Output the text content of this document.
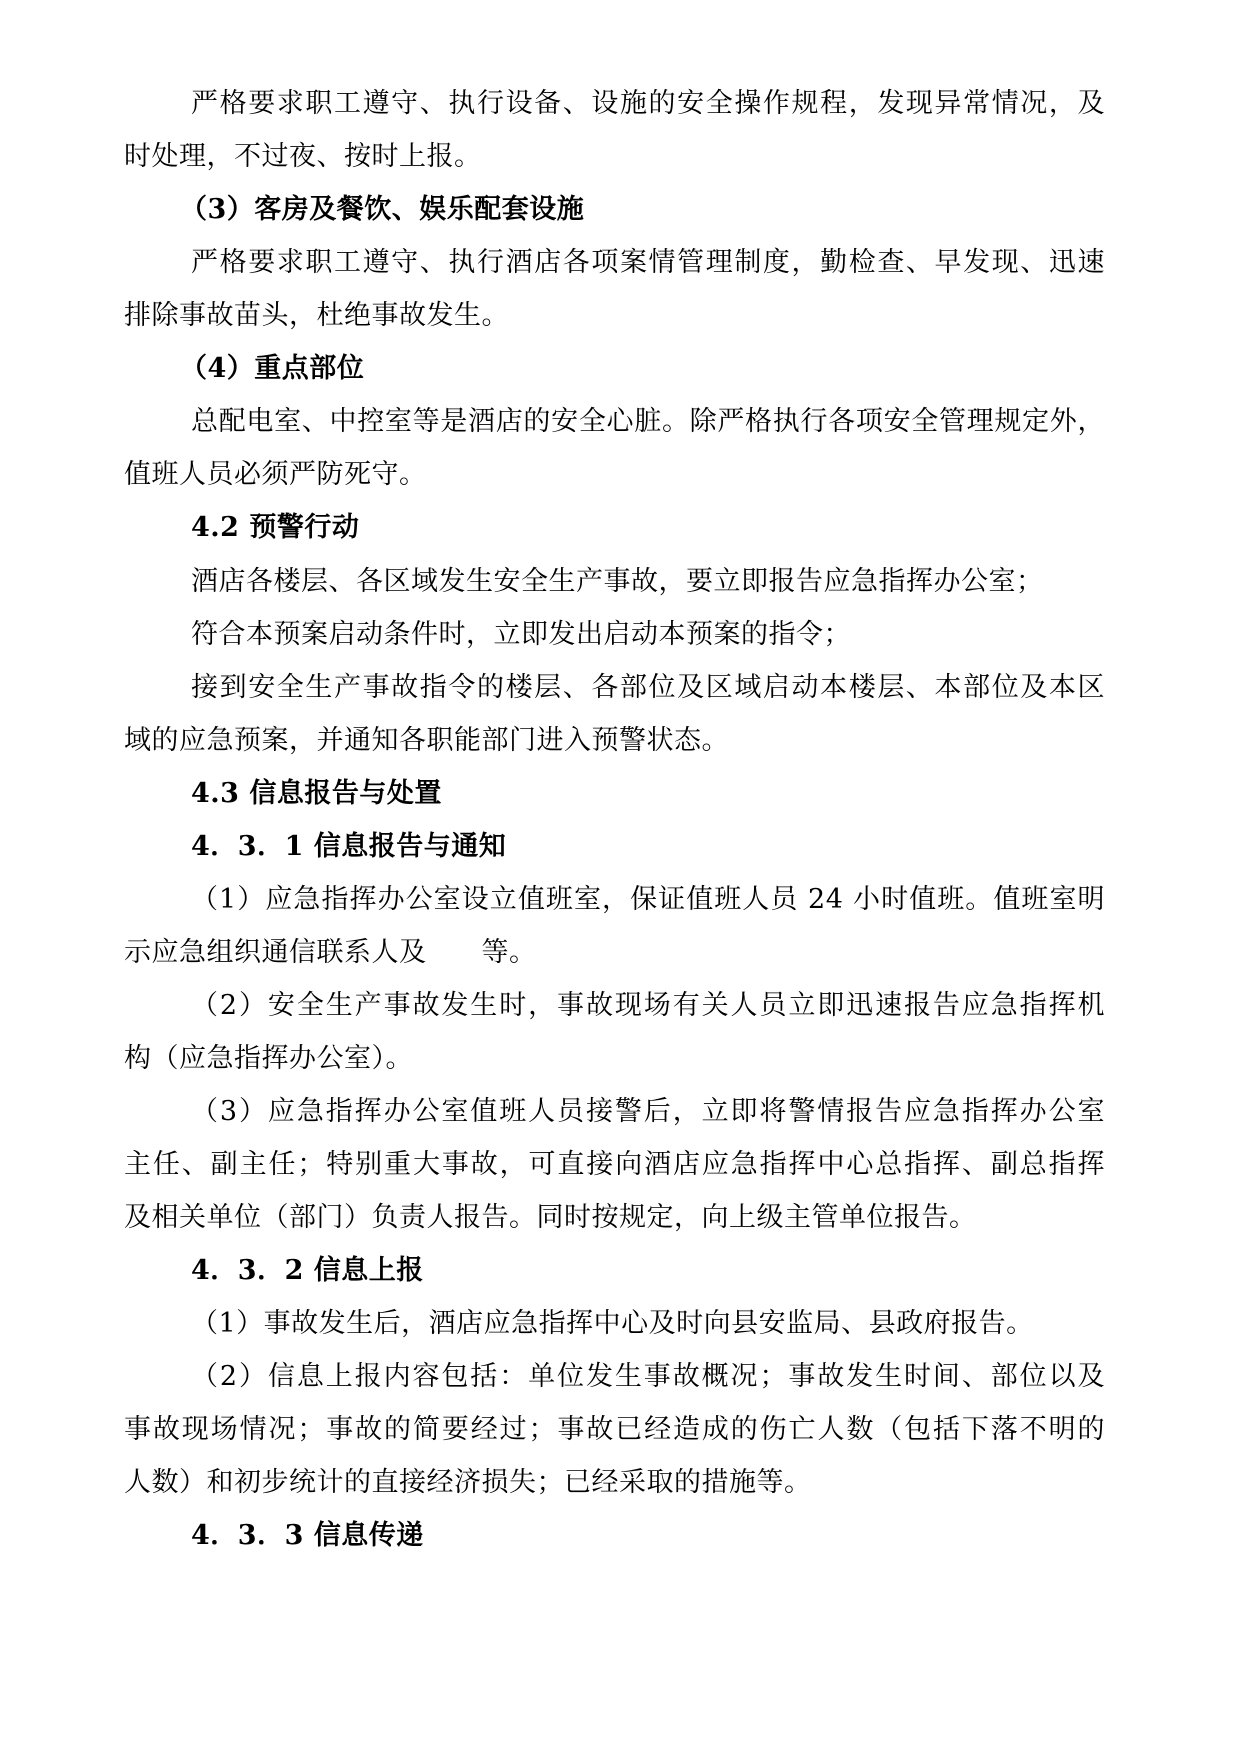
严格要求职工遵守、执行设备、设施的安全操作规程，发现异常情况，及
时处理，不过夜、按时上报。
（3）客房及餐饮、娱乐配套设施
严格要求职工遵守、执行酒店各项案情管理制度，勤检查、早发现、迅速
排除事故苗头，杜绝事故发生。
（4）重点部位
总配电室、中控室等是酒店的安全心脏。除严格执行各项安全管理规定外，
值班人员必须严防死守。
4.2 预警行动
酒店各楼层、各区域发生安全生产事故，要立即报告应急指挥办公室；
符合本预案启动条件时，立即发出启动本预案的指令；
接到安全生产事故指令的楼层、各部位及区域启动本楼层、本部位及本区
域的应急预案，并通知各职能部门进入预警状态。
4.3 信息报告与处置
4．3．1 信息报告与通知
（1）应急指挥办公室设立值班室，保证值班人员 24 小时值班。值班室明
示应急组织通信联系人及　　等。
（2）安全生产事故发生时，事故现场有关人员立即迅速报告应急指挥机
构（应急指挥办公室）。
（3）应急指挥办公室值班人员接警后，立即将警情报告应急指挥办公室
主任、副主任；特别重大事故，可直接向酒店应急指挥中心总指挥、副总指挥
及相关单位（部门）负责人报告。同时按规定，向上级主管单位报告。
4．3．2 信息上报
（1）事故发生后，酒店应急指挥中心及时向县安监局、县政府报告。
（2）信息上报内容包括：单位发生事故概况；事故发生时间、部位以及
事故现场情况；事故的简要经过；事故已经造成的伤亡人数（包括下落不明的
人数）和初步统计的直接经济损失；已经采取的措施等。
4．3．3 信息传递
